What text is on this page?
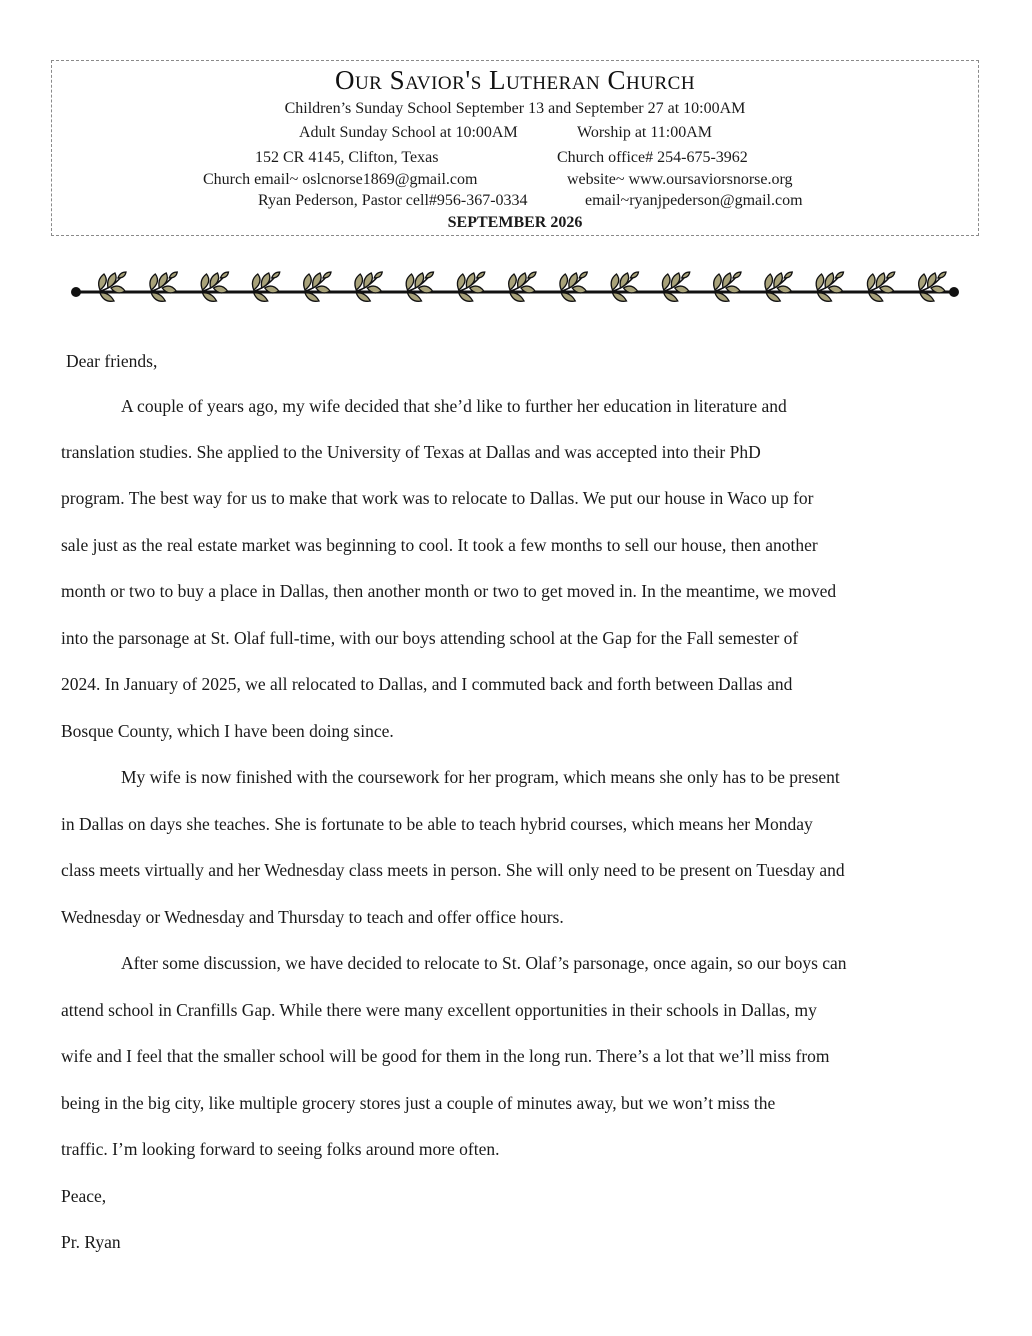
Our Savior's Lutheran Church
Children’s Sunday School September 13 and September 27 at 10:00AM
Adult Sunday School at 10:00AM	Worship at 11:00AM
152 CR 4145, Clifton, Texas	Church office# 254-675-3962
Church email~ oslcnorse1869@gmail.com	website~ www.oursaviorsnorse.org
Ryan Pederson, Pastor cell#956-367-0334	email~ryanjpederson@gmail.com
SEPTEMBER 2026
Dear friends,
A couple of years ago, my wife decided that she’d like to further her education in literature and
translation studies. She applied to the University of Texas at Dallas and was accepted into their PhD
program. The best way for us to make that work was to relocate to Dallas. We put our house in Waco up for
sale just as the real estate market was beginning to cool. It took a few months to sell our house, then another
month or two to buy a place in Dallas, then another month or two to get moved in. In the meantime, we moved
into the parsonage at St. Olaf full-time, with our boys attending school at the Gap for the Fall semester of
2024. In January of 2025, we all relocated to Dallas, and I commuted back and forth between Dallas and
Bosque County, which I have been doing since.
My wife is now finished with the coursework for her program, which means she only has to be present
in Dallas on days she teaches. She is fortunate to be able to teach hybrid courses, which means her Monday
class meets virtually and her Wednesday class meets in person. She will only need to be present on Tuesday and
Wednesday or Wednesday and Thursday to teach and offer office hours.
After some discussion, we have decided to relocate to St. Olaf’s parsonage, once again, so our boys can
attend school in Cranfills Gap. While there were many excellent opportunities in their schools in Dallas, my
wife and I feel that the smaller school will be good for them in the long run. There’s a lot that we’ll miss from
being in the big city, like multiple grocery stores just a couple of minutes away, but we won’t miss the
traffic. I’m looking forward to seeing folks around more often.
Peace,
Pr. Ryan
